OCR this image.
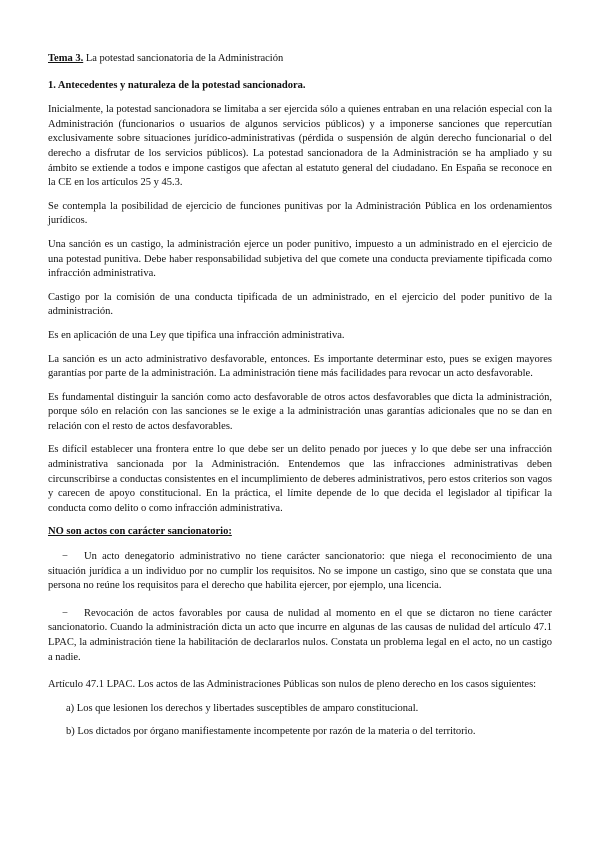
Tema 3. La potestad sancionatoria de la Administración

1. Antecedentes y naturaleza de la potestad sancionadora.

Inicialmente, la potestad sancionadora se limitaba a ser ejercida sólo a quienes entraban en una relación especial con la Administración (funcionarios o usuarios de algunos servicios públicos) y a imponerse sanciones que repercutían exclusivamente sobre situaciones jurídico-administrativas (pérdida o suspensión de algún derecho funcionarial o del derecho a disfrutar de los servicios públicos). La potestad sancionadora de la Administración se ha ampliado y su ámbito se extiende a todos e impone castigos que afectan al estatuto general del ciudadano. En España se reconoce en la CE en los artículos 25 y 45.3.

Se contempla la posibilidad de ejercicio de funciones punitivas por la Administración Pública en los ordenamientos jurídicos.

Una sanción es un castigo, la administración ejerce un poder punitivo, impuesto a un administrado en el ejercicio de una potestad punitiva. Debe haber responsabilidad subjetiva del que comete una conducta previamente tipificada como infracción administrativa.

Castigo por la comisión de una conducta tipificada de un administrado, en el ejercicio del poder punitivo de la administración.

Es en aplicación de una Ley que tipifica una infracción administrativa.

La sanción es un acto administrativo desfavorable, entonces. Es importante determinar esto, pues se exigen mayores garantías por parte de la administración. La administración tiene más facilidades para revocar un acto desfavorable.

Es fundamental distinguir la sanción como acto desfavorable de otros actos desfavorables que dicta la administración, porque sólo en relación con las sanciones se le exige a la administración unas garantías adicionales que no se dan en relación con el resto de actos desfavorables.

Es difícil establecer una frontera entre lo que debe ser un delito penado por jueces y lo que debe ser una infracción administrativa sancionada por la Administración. Entendemos que las infracciones administrativas deben circunscribirse a conductas consistentes en el incumplimiento de deberes administrativos, pero estos criterios son vagos y carecen de apoyo constitucional. En la práctica, el límite depende de lo que decida el legislador al tipificar la conducta como delito o como infracción administrativa.

NO son actos con carácter sancionatorio:

− Un acto denegatorio administrativo no tiene carácter sancionatorio: que niega el reconocimiento de una situación jurídica a un individuo por no cumplir los requisitos. No se impone un castigo, sino que se constata que una persona no reúne los requisitos para el derecho que habilita ejercer, por ejemplo, una licencia.

− Revocación de actos favorables por causa de nulidad al momento en el que se dictaron no tiene carácter sancionatorio. Cuando la administración dicta un acto que incurre en algunas de las causas de nulidad del artículo 47.1 LPAC, la administración tiene la habilitación de declararlos nulos. Constata un problema legal en el acto, no un castigo a nadie.

Artículo 47.1 LPAC. Los actos de las Administraciones Públicas son nulos de pleno derecho en los casos siguientes:

a) Los que lesionen los derechos y libertades susceptibles de amparo constitucional.

b) Los dictados por órgano manifiestamente incompetente por razón de la materia o del territorio.
